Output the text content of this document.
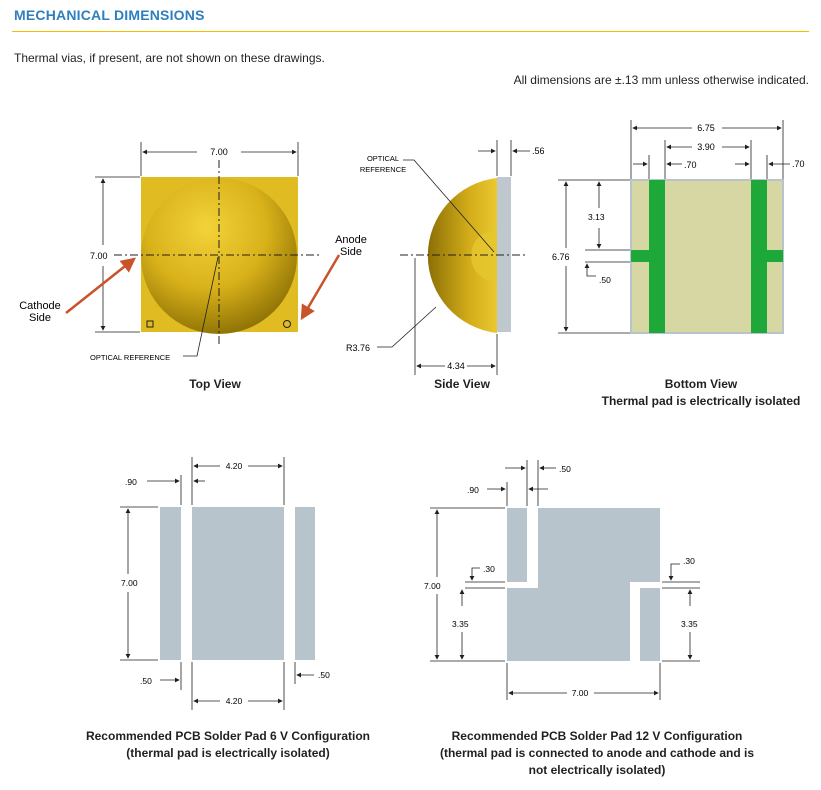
MECHANICAL DIMENSIONS
Thermal vias, if present, are not shown on these drawings.
All dimensions are ±.13 mm unless otherwise indicated.
7.00
7.00
Anode
Side
Cathode
Side
OPTICAL REFERENCE
.56
OPTICAL
REFERENCE
R3.76
4.34
6.75
3.90
.70	.70
6.76
3.13
.50
4.20
.90
7.00
.50
4.20
.50
.50
.90
7.00
.30
3.35
.30
3.35
7.00
Top View	Side View	Bottom View
Thermal pad is electrically isolated
Recommended PCB Solder Pad 6 V Configuration
(thermal pad is electrically isolated)
Recommended PCB Solder Pad 12 V Configuration
(thermal pad is connected to anode and cathode and is
not electrically isolated)
